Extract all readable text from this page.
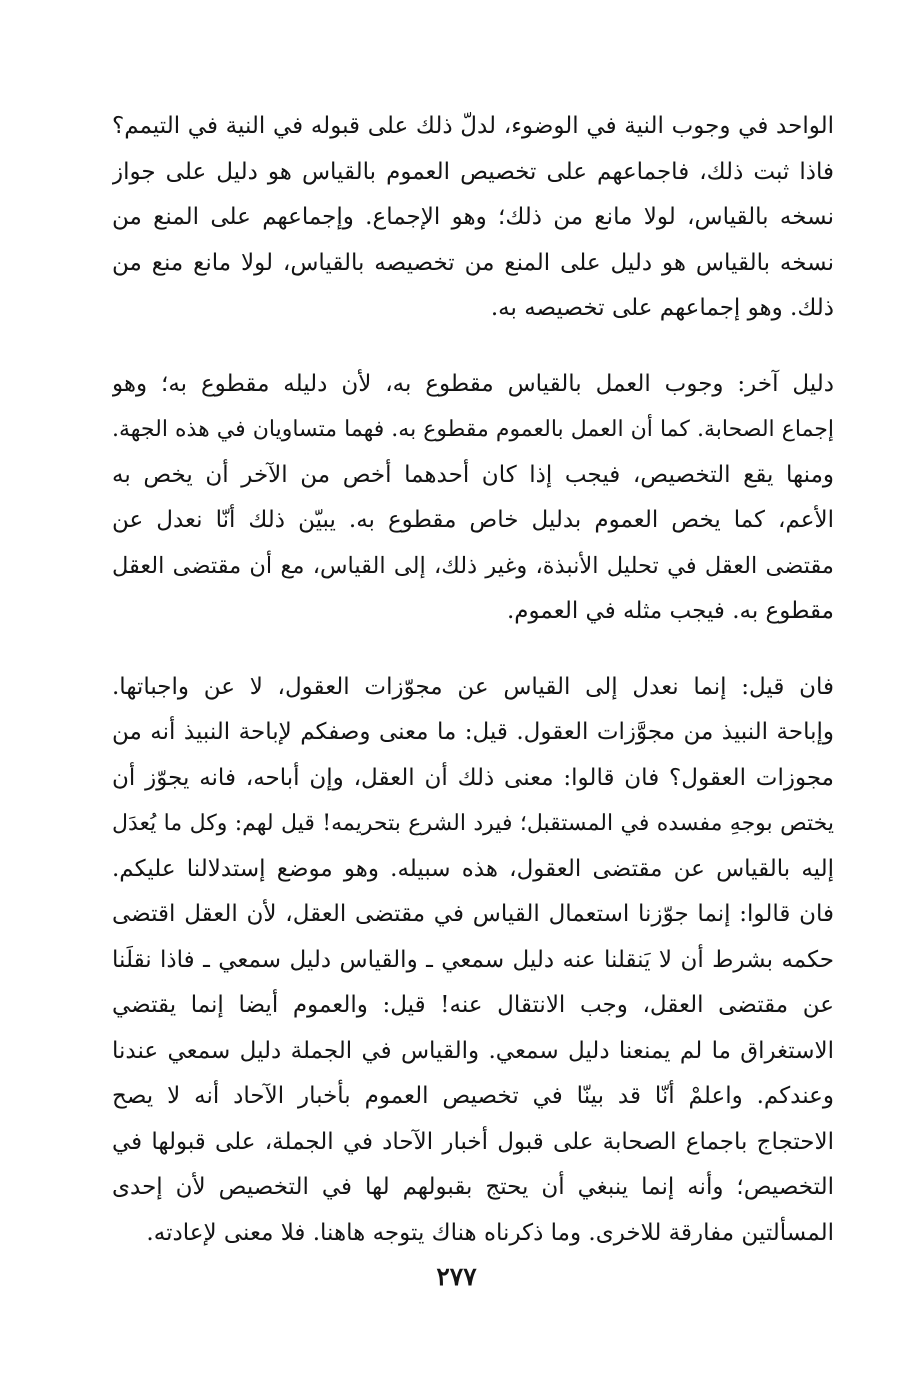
الواحد في وجوب النية في الوضوء، لدلّ ذلك على قبوله في النية في التيمم؟
فاذا ثبت ذلك، فاجماعهم على تخصيص العموم بالقياس هو دليل على جواز
نسخه بالقياس، لولا مانع من ذلك؛ وهو الإجماع. وإجماعهم على المنع من
نسخه بالقياس هو دليل على المنع من تخصيصه بالقياس، لولا مانع منع من
ذلك. وهو إجماعهم على تخصيصه به.
دليل آخر: وجوب العمل بالقياس مقطوع به، لأن دليله مقطوع به؛ وهو
إجماع الصحابة. كما أن العمل بالعموم مقطوع به. فهما متساويان في هذه الجهة.
ومنها يقع التخصيص، فيجب إذا كان أحدهما أخص من الآخر أن يخص به
الأعم، كما يخص العموم بدليل خاص مقطوع به. يبيّن ذلك أنّا نعدل عن
مقتضى العقل في تحليل الأنبذة، وغير ذلك، إلى القياس، مع أن مقتضى العقل
مقطوع به. فيجب مثله في العموم.
فان قيل: إنما نعدل إلى القياس عن مجوّزات العقول، لا عن واجباتها.
وإباحة النبيذ من مجوَّزات العقول. قيل: ما معنى وصفكم لإباحة النبيذ أنه من
مجوزات العقول؟ فان قالوا: معنى ذلك أن العقل، وإن أباحه، فانه يجوّز أن
يختص بوجهِ مفسده في المستقبل؛ فيرد الشرع بتحريمه! قيل لهم: وكل ما يُعدَل
إليه بالقياس عن مقتضى العقول، هذه سبيله. وهو موضع إستدلالنا عليكم.
فان قالوا: إنما جوّزنا استعمال القياس في مقتضى العقل، لأن العقل اقتضى
حكمه بشرط أن لا يَنقلنا عنه دليل سمعي ـ والقياس دليل سمعي ـ فاذا نقلَنا
عن مقتضى العقل، وجب الانتقال عنه! قيل: والعموم أيضا إنما يقتضي
الاستغراق ما لم يمنعنا دليل سمعي. والقياس في الجملة دليل سمعي عندنا
وعندكم. واعلمْ أنّا قد بينّا في تخصيص العموم بأخبار الآحاد أنه لا يصح
الاحتجاج باجماع الصحابة على قبول أخبار الآحاد في الجملة، على قبولها في
التخصيص؛ وأنه إنما ينبغي أن يحتج بقبولهم لها في التخصيص لأن إحدى
المسألتين مفارقة للاخرى. وما ذكرناه هناك يتوجه هاهنا. فلا معنى لإعادته.
٢٧٧
